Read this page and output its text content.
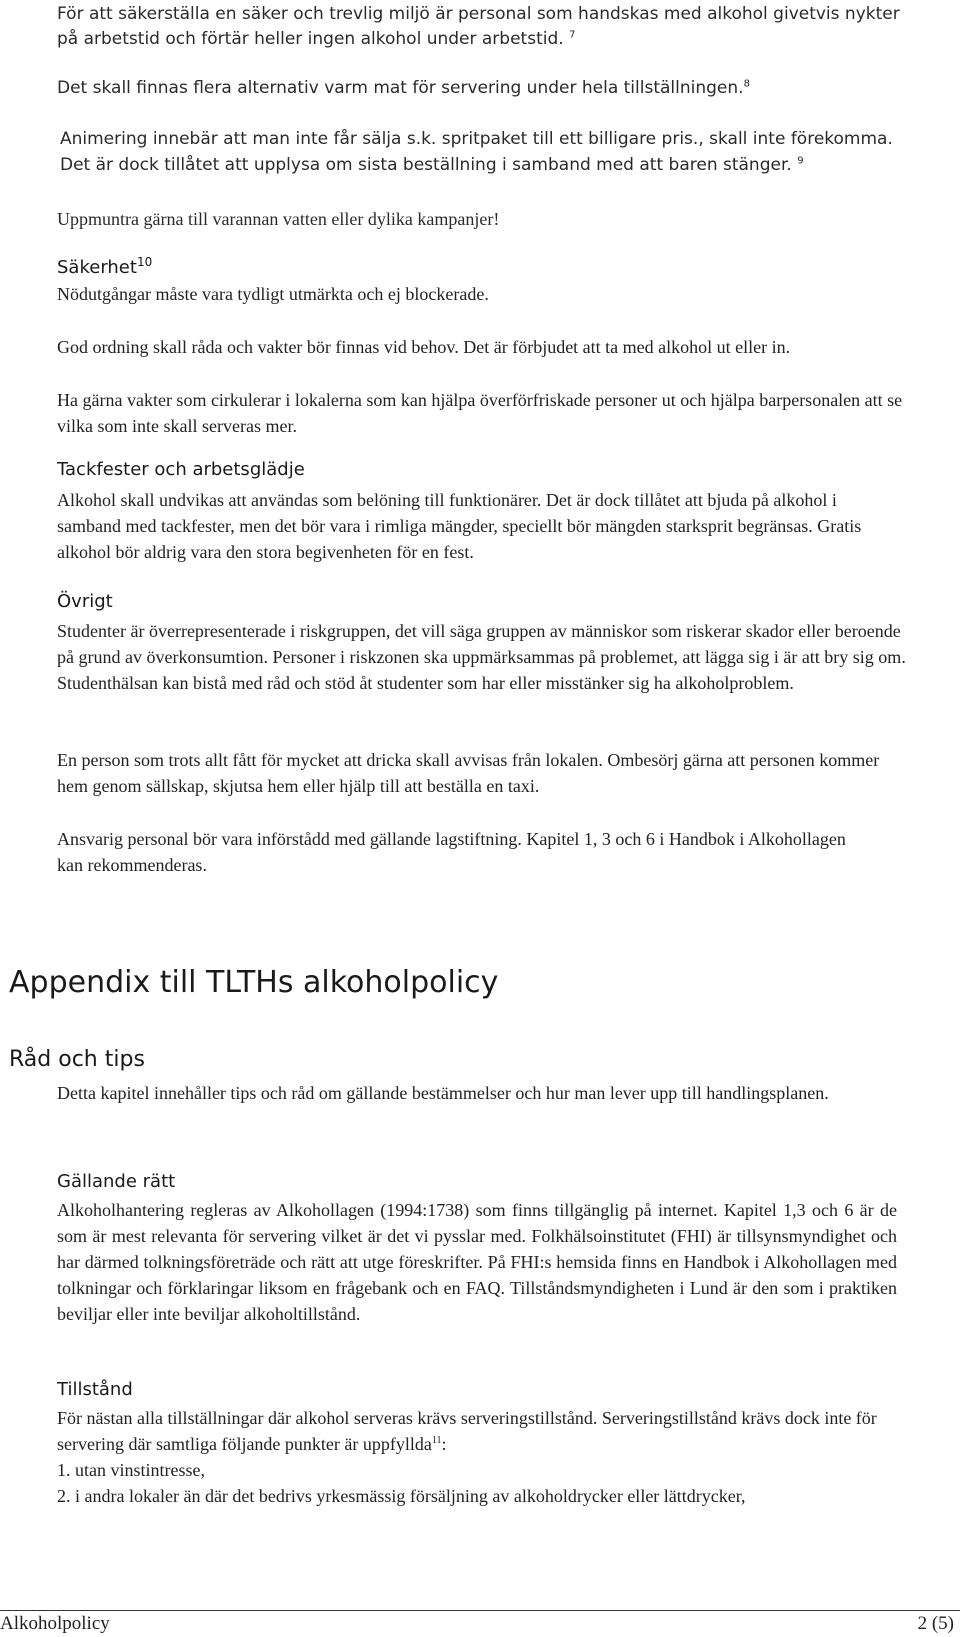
För att säkerställa en säker och trevlig miljö är personal som handskas med alkohol givetvis nykter på arbetstid och förtär heller ingen alkohol under arbetstid. $^7$

Det skall finnas flera alternativ varm mat för servering under hela tillställningen.$^8$

Animering innebär att man inte får sälja s.k. spritpaket till ett billigare pris., skall inte förekomma. Det är dock tillåtet att upplysa om sista beställning i samband med att baren stänger. $^9$

Uppmuntra gärna till varannan vatten eller dylika kampanjer!

Säkerhet$^{10}$

Nödutgångar måste vara tydligt utmärkta och ej blockerade.

God ordning skall råda och vakter bör finnas vid behov. Det är förbjudet att ta med alkohol ut eller in.

Ha gärna vakter som cirkulerar i lokalerna som kan hjälpa överförfriskade personer ut och hjälpa barpersonalen att se vilka som inte skall serveras mer.

Tackfester och arbetsglädje

Alkohol skall undvikas att användas som belöning till funktionärer. Det är dock tillåtet att bjuda på alkohol i samband med tackfester, men det bör vara i rimliga mängder, speciellt bör mängden starksprit begränsas. Gratis alkohol bör aldrig vara den stora begivenheten för en fest.

Övrigt

Studenter är överrepresenterade i riskgruppen, det vill säga gruppen av människor som riskerar skador eller beroende på grund av överkonsumtion. Personer i riskzonen ska uppmärksammas på problemet, att lägga sig i är att bry sig om. Studenthälsan kan bistå med råd och stöd åt studenter som har eller misstänker sig ha alkoholproblem.

En person som trots allt fått för mycket att dricka skall avvisas från lokalen. Ombesörj gärna att personen kommer hem genom sällskap, skjutsa hem eller hjälp till att beställa en taxi.

Ansvarig personal bör vara införstådd med gällande lagstiftning. Kapitel 1, 3 och 6 i Handbok i Alkohollagen kan rekommenderas.

Appendix till TLTHs alkoholpolicy
Råd och tips

Detta kapitel innehåller tips och råd om gällande bestämmelser och hur man lever upp till handlingsplanen.

Gällande rätt

Alkoholhantering regleras av Alkohollagen (1994:1738) som finns tillgänglig på internet. Kapitel 1,3 och 6 är de som är mest relevanta för servering vilket är det vi pysslar med. Folkhälsoinstitutet (FHI) är tillsynsmyndighet och har därmed tolkningsföreträde och rätt att utge föreskrifter. På FHI:s hemsida finns en Handbok i Alkohollagen med tolkningar och förklaringar liksom en frågebank och en FAQ. Tillståndsmyndigheten i Lund är den som i praktiken beviljar eller inte beviljar alkoholtillstånd.

Tillstånd

För nästan alla tillställningar där alkohol serveras krävs serveringstillstånd. Serveringstillstånd krävs dock inte för servering där samtliga följande punkter är uppfyllda$^{11}$:

1. utan vinstintresse,
2. i andra lokaler än där det bedrivs yrkesmässig försäljning av alkoholdrycker eller lättdrycker,
Alkoholpolicy	2 (5)
